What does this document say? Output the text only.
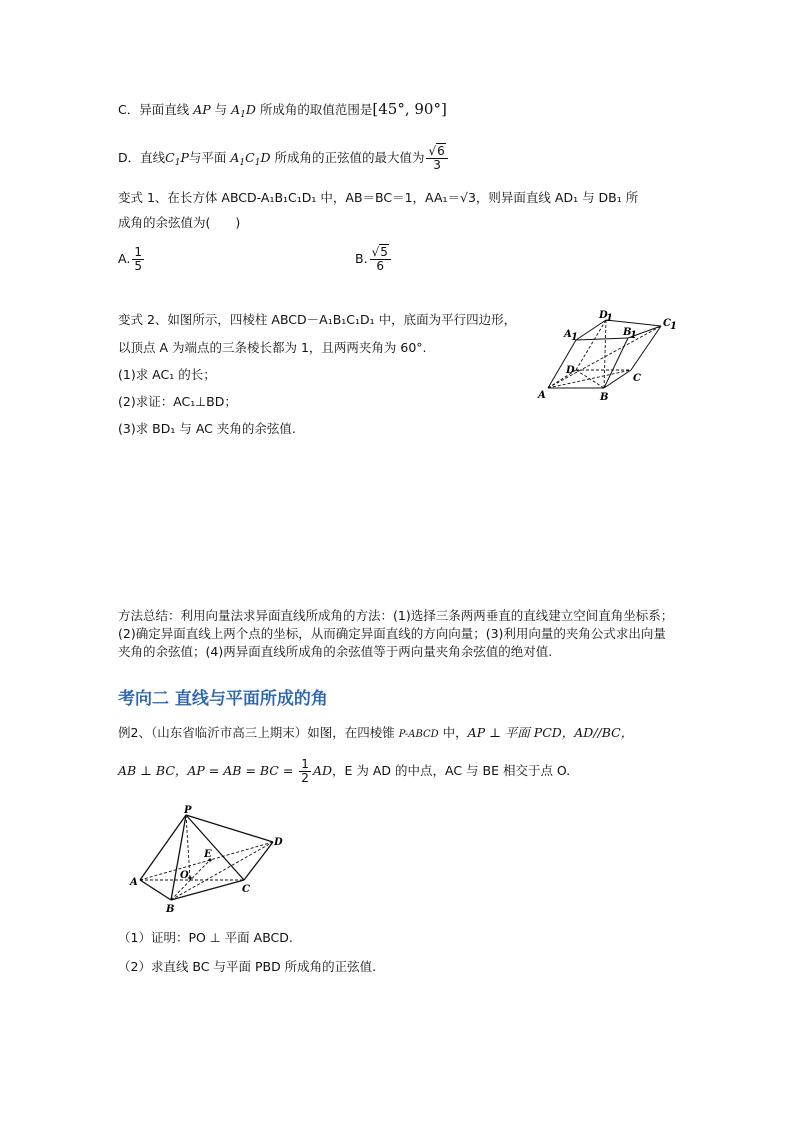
C．异面直线 AP 与 $A_1D$ 所成角的取值范围是[45°, 90°]
D．直线$C_1P$与平面 $A_1C_1D$ 所成角的正弦值的最大值为 $\frac{√6}{3}$
变式 1、在长方体 ABCD-A₁B₁C₁D₁ 中，AB＝BC＝1，AA₁＝√3，则异面直线 AD₁ 与 DB₁ 所
成角的余弦值为(　　)
A. $\frac{1}{5}$	B. $\frac{√5}{6}$
变式 2、如图所示，四棱柱 ABCD－A₁B₁C₁D₁ 中，底面为平行四边形，
以顶点 A 为端点的三条棱长都为 1，且两两夹角为 60°.
(1)求 AC₁ 的长；
(2)求证：AC₁⊥BD；
(3)求 BD₁ 与 AC 夹角的余弦值.
A	B
C
D
A 1	B
1
C 1
D
1
方法总结：利用向量法求异面直线所成角的方法：(1)选择三条两两垂直的直线建立空间直角坐标系；(2)确定异面直线上两个点的坐标，从而确定异面直线的方向向量；(3)利用向量的夹角公式求出向量夹角的余弦值；(4)两异面直线所成角的余弦值等于两向量夹角余弦值的绝对值.
考向二 直线与平面所成的角
例2、（山东省临沂市高三上期末）如图，在四棱锥 P-ABCD 中，AP ⊥ 平面 PCD，AD//BC，
AB ⊥ BC，AP = AB = BC = $\frac{1}{2}$ AD，E 为 AD 的中点，AC 与 BE 相交于点 O.
P
A
B
C
D
E
O
（1）证明：PO ⊥ 平面 ABCD.
（2）求直线 BC 与平面 PBD 所成角的正弦值.
